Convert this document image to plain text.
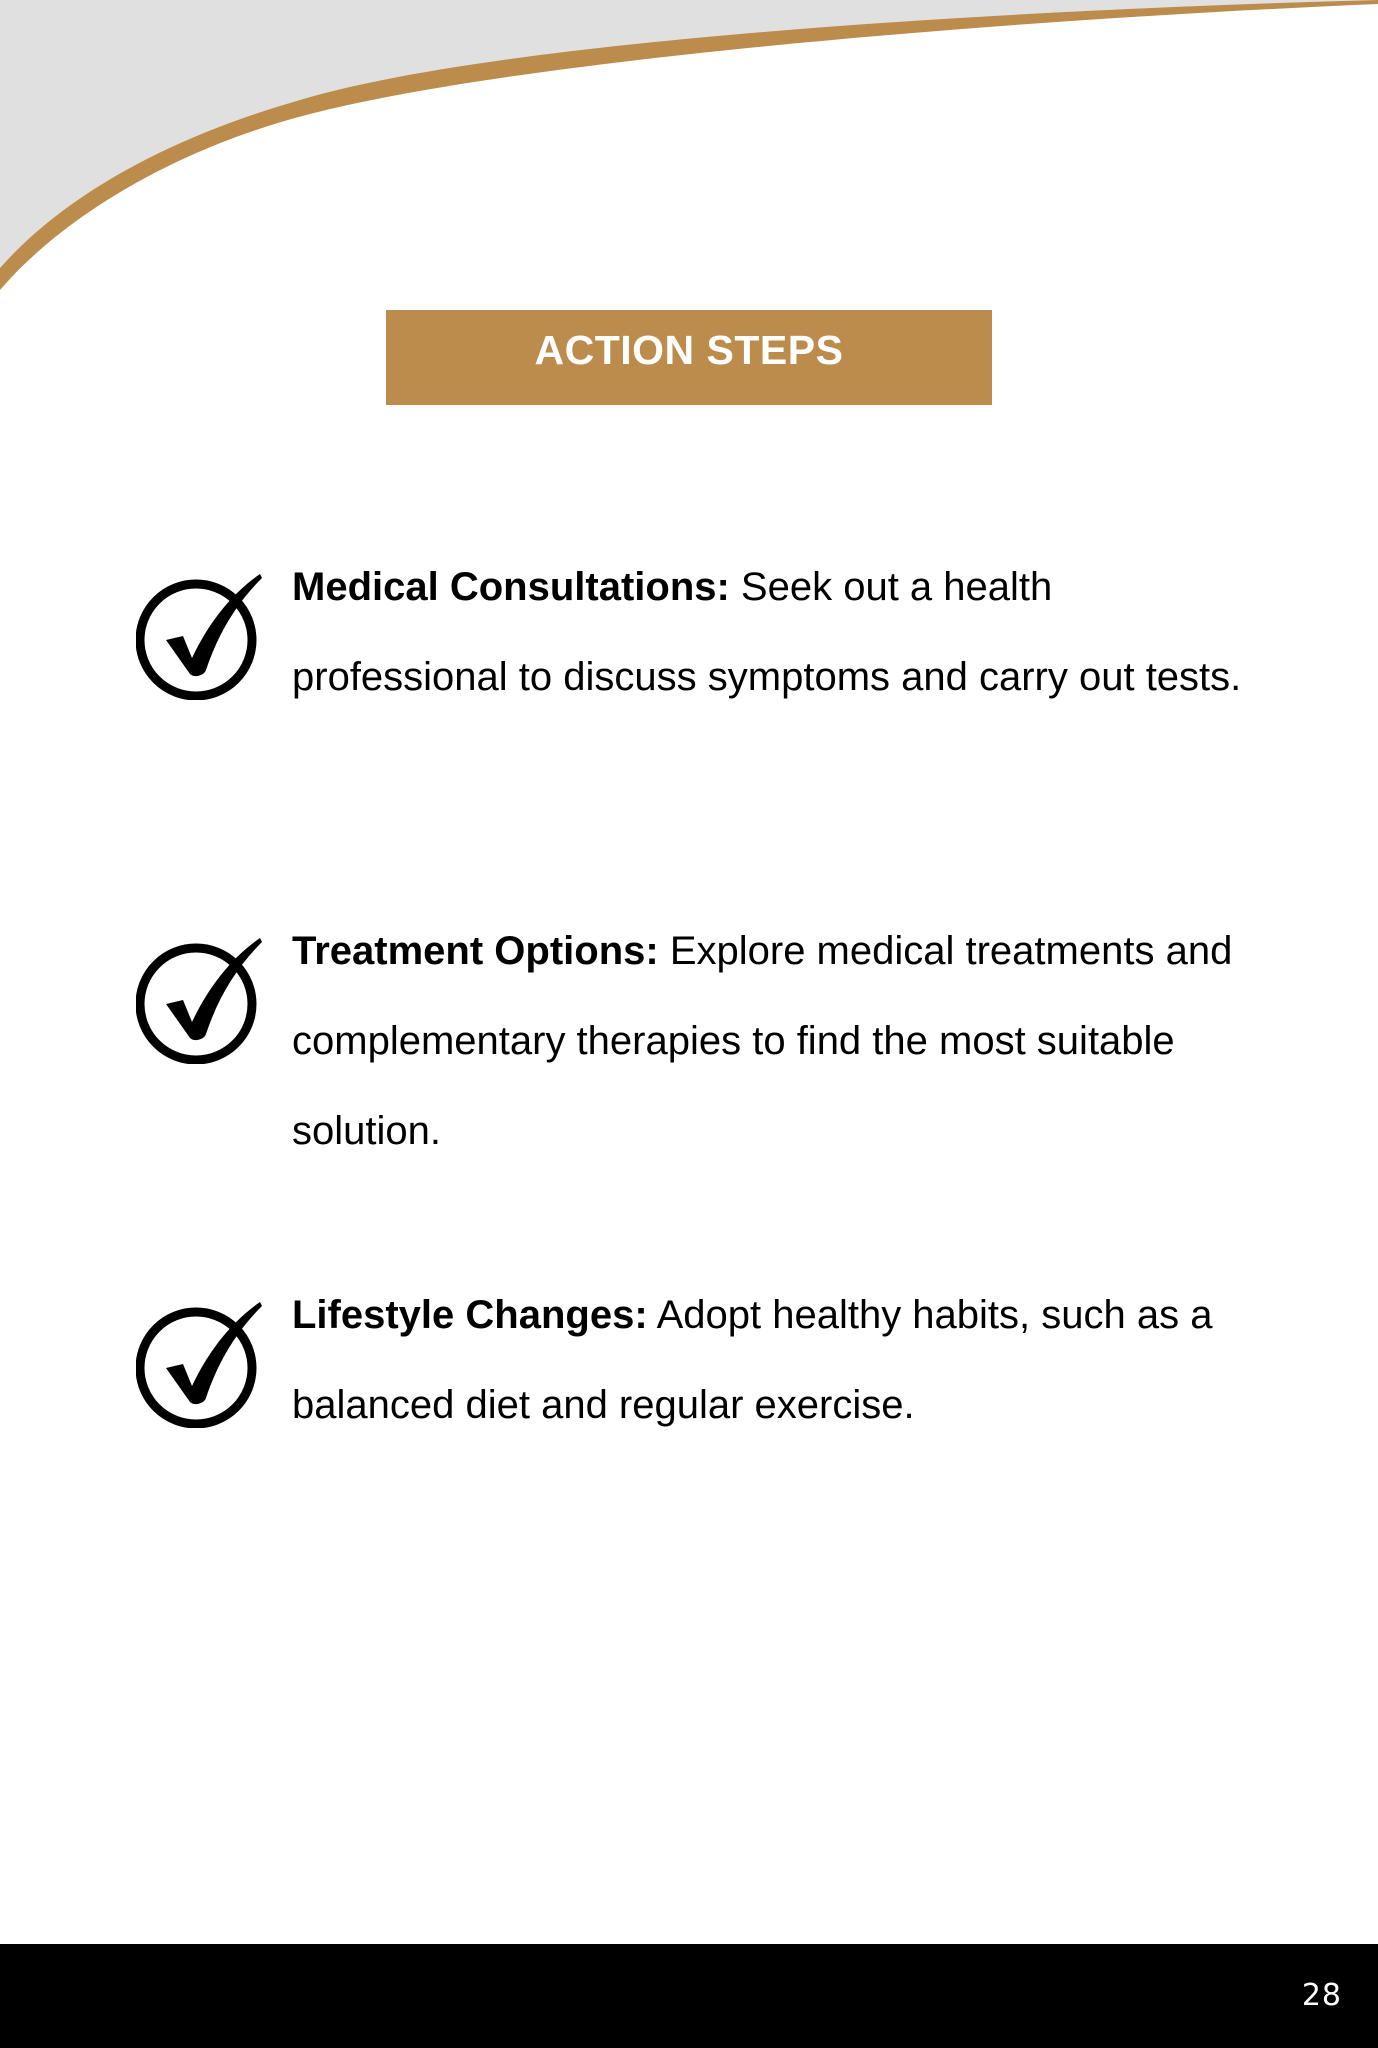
ACTION STEPS

Medical Consultations: Seek out a health professional to discuss symptoms and carry out tests.

Treatment Options: Explore medical treatments and complementary therapies to find the most suitable solution.

Lifestyle Changes: Adopt healthy habits, such as a balanced diet and regular exercise.

28
